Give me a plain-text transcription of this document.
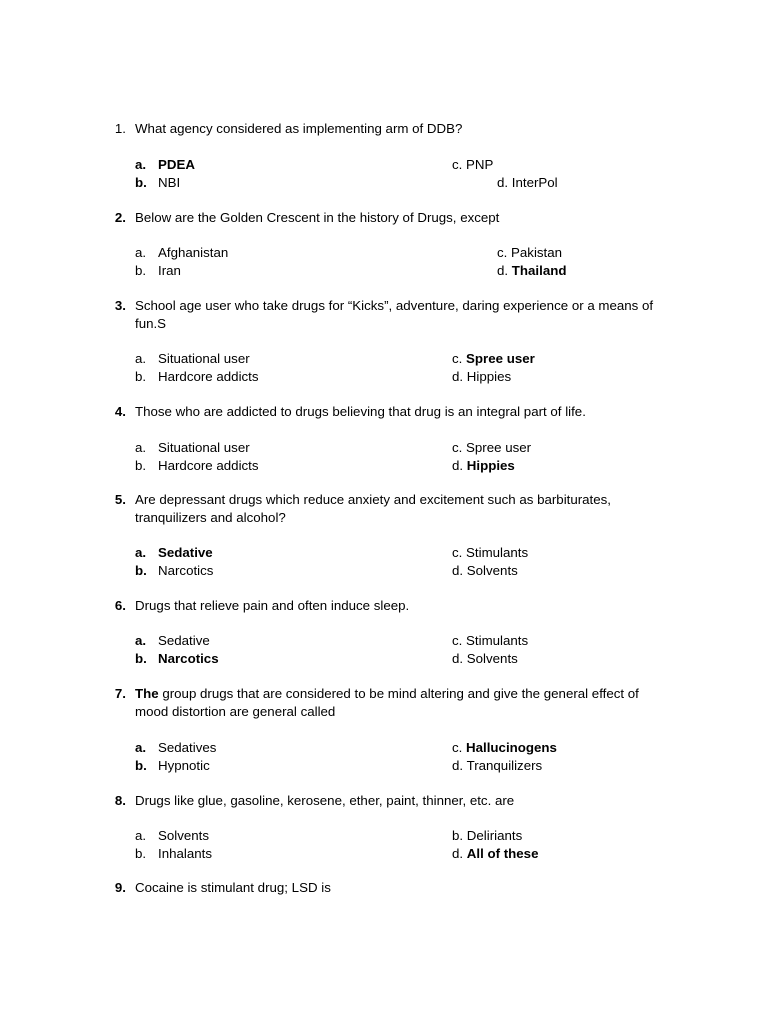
1. What agency considered as implementing arm of DDB?
a. PDEA	c. PNP
b. NBI	d. InterPol
2. Below are the Golden Crescent in the history of Drugs, except
a. Afghanistan	c. Pakistan
b. Iran	d. Thailand
3. School age user who take drugs for “Kicks”, adventure, daring experience or a means of
fun.S
a. Situational user	c. Spree user
b. Hardcore addicts	d. Hippies
4. Those who are addicted to drugs believing that drug is an integral part of life.
a. Situational user	c. Spree user
b. Hardcore addicts	d. Hippies
5. Are depressant drugs which reduce anxiety and excitement such as barbiturates,
tranquilizers and alcohol?
a. Sedative	c. Stimulants
b. Narcotics	d. Solvents
6. Drugs that relieve pain and often induce sleep.
a. Sedative	c. Stimulants
b. Narcotics	d. Solvents
7. The group drugs that are considered to be mind altering and give the general effect of
mood distortion are general called
a. Sedatives	c. Hallucinogens
b. Hypnotic	d. Tranquilizers
8. Drugs like glue, gasoline, kerosene, ether, paint, thinner, etc. are
a. Solvents	b. Deliriants
b. Inhalants	d. All of these
9. Cocaine is stimulant drug; LSD is
